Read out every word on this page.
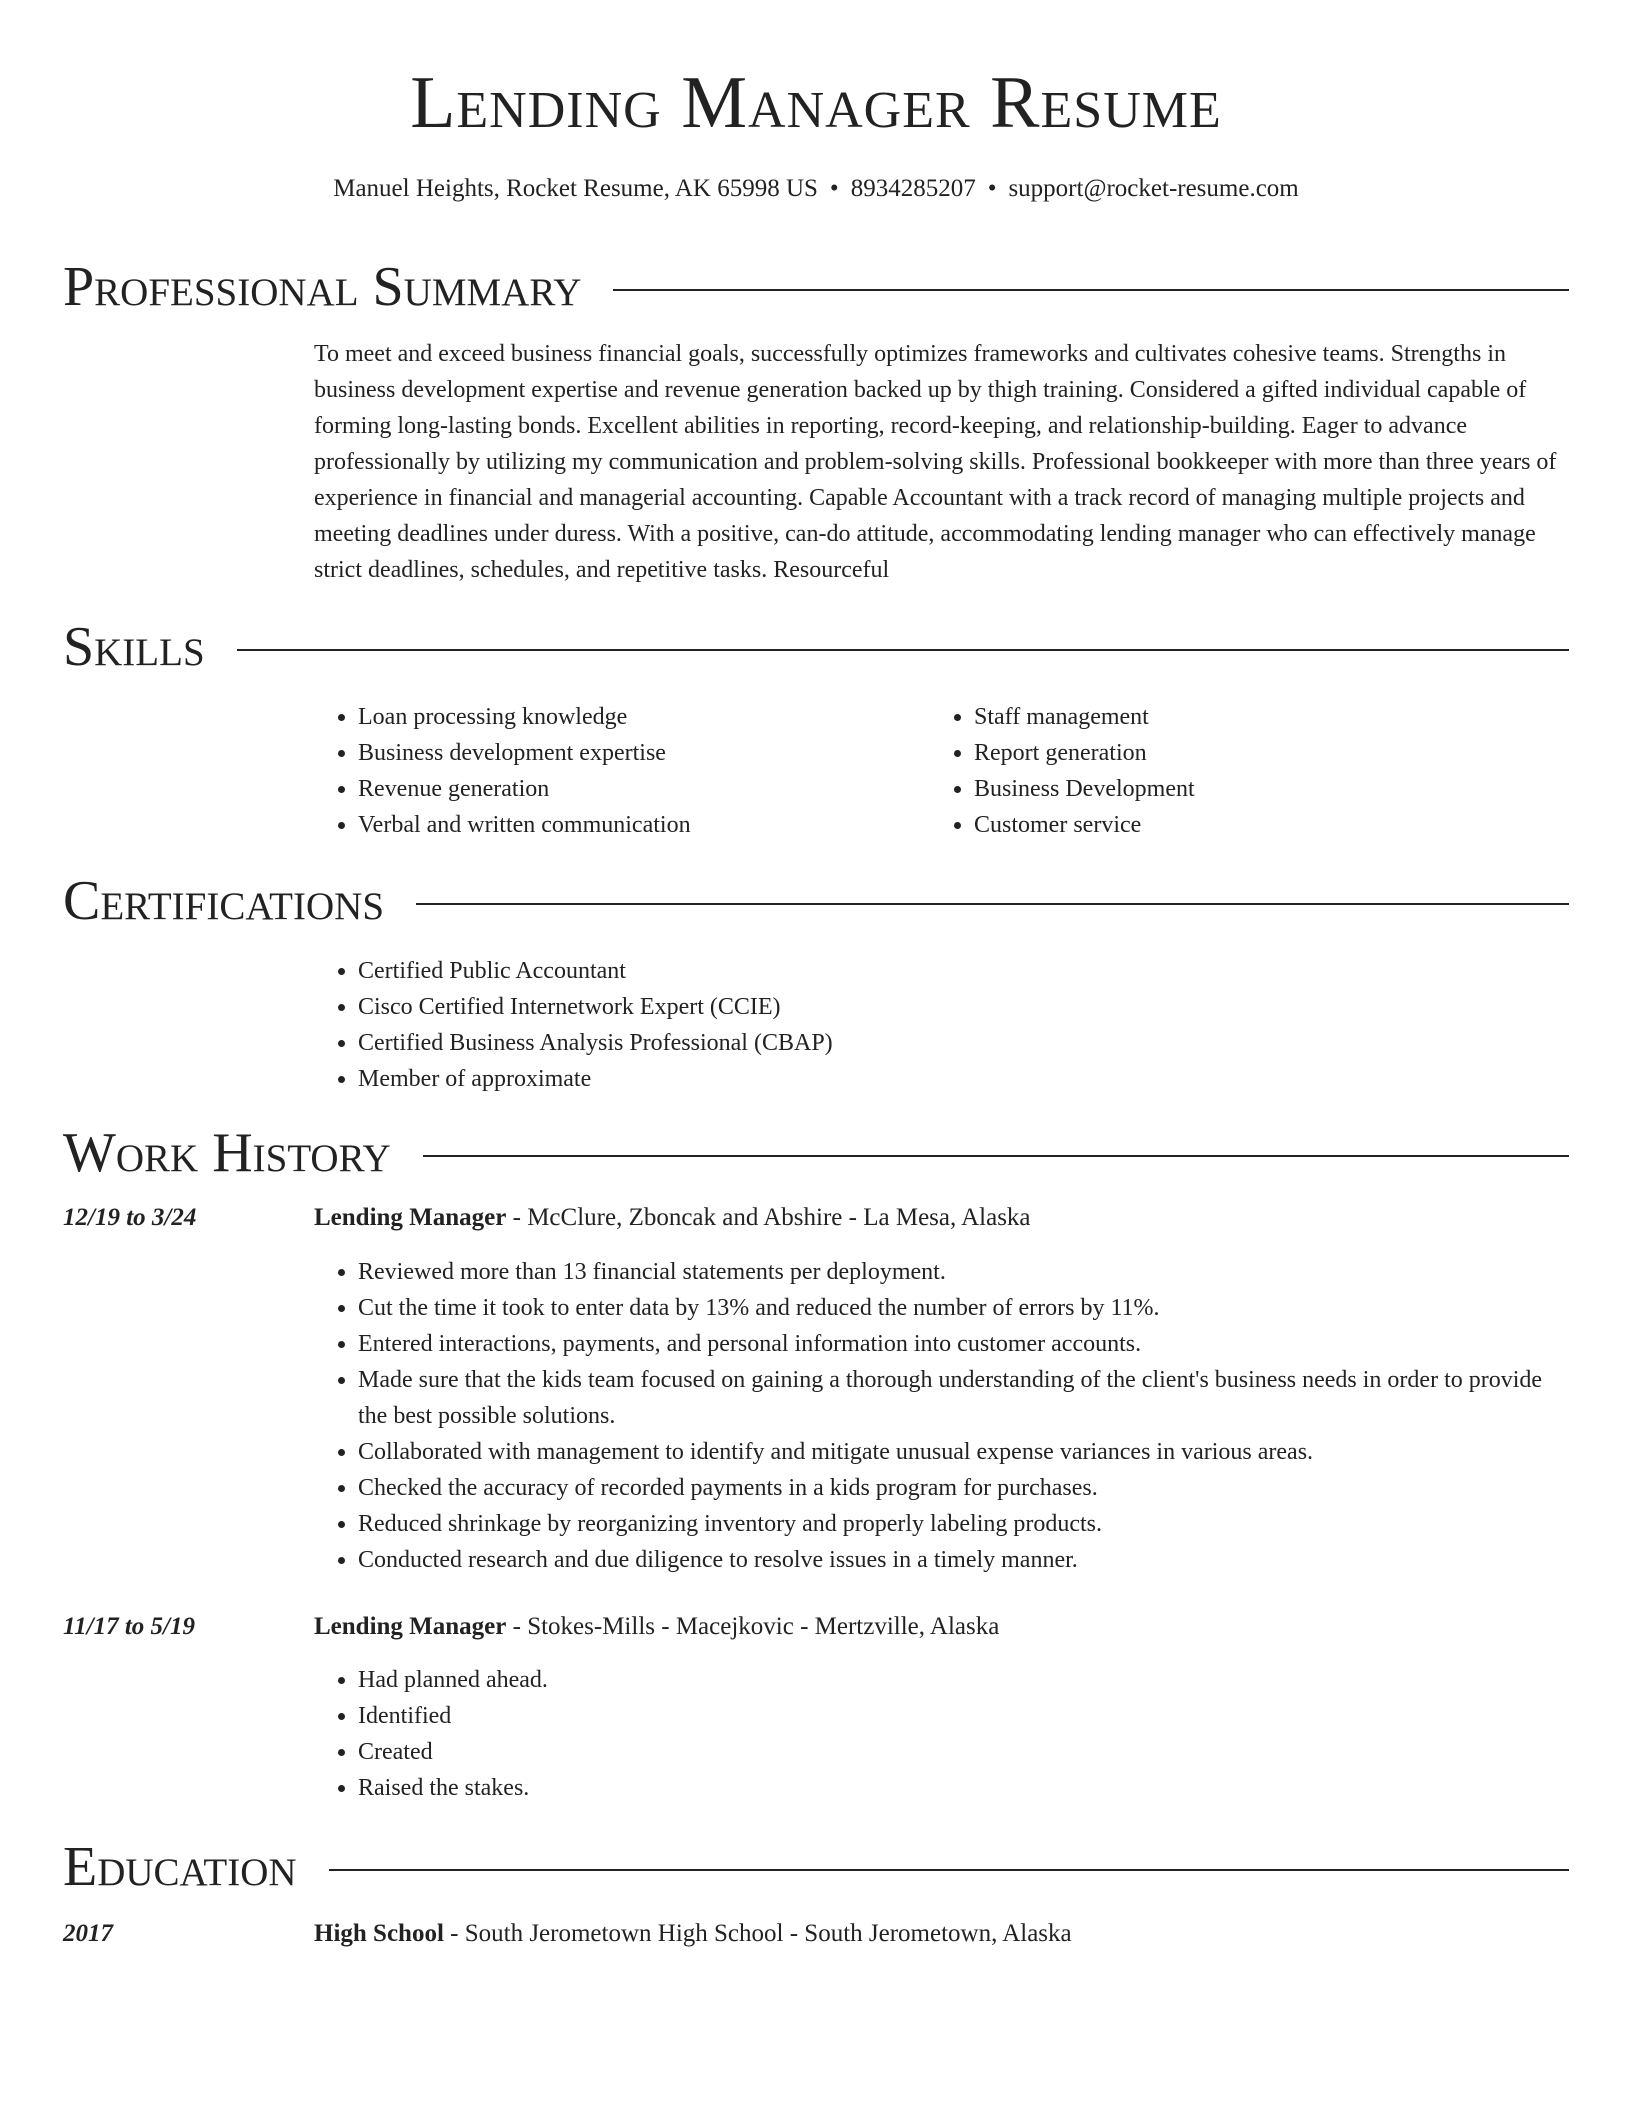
Lending Manager Resume
Manuel Heights, Rocket Resume, AK 65998 US • 8934285207 • support@rocket-resume.com
Professional Summary

To meet and exceed business financial goals, successfully optimizes frameworks and cultivates cohesive teams. Strengths in business development expertise and revenue generation backed up by thigh training. Considered a gifted individual capable of forming long-lasting bonds. Excellent abilities in reporting, record-keeping, and relationship-building. Eager to advance professionally by utilizing my communication and problem-solving skills. Professional bookkeeper with more than three years of experience in financial and managerial accounting. Capable Accountant with a track record of managing multiple projects and meeting deadlines under duress. With a positive, can-do attitude, accommodating lending manager who can effectively manage strict deadlines, schedules, and repetitive tasks. Resourceful

Skills
• Loan processing knowledge
• Business development expertise
• Revenue generation
• Verbal and written communication
• Staff management
• Report generation
• Business Development
• Customer service
Certifications
• Certified Public Accountant
• Cisco Certified Internetwork Expert (CCIE)
• Certified Business Analysis Professional (CBAP)
• Member of approximate
Work History
12/19 to 3/24	Lending Manager - McClure, Zboncak and Abshire - La Mesa, Alaska
• Reviewed more than 13 financial statements per deployment.
• Cut the time it took to enter data by 13% and reduced the number of errors by 11%.
• Entered interactions, payments, and personal information into customer accounts.
• Made sure that the kids team focused on gaining a thorough understanding of the client's business needs in order to provide the best possible solutions.
• Collaborated with management to identify and mitigate unusual expense variances in various areas.
• Checked the accuracy of recorded payments in a kids program for purchases.
• Reduced shrinkage by reorganizing inventory and properly labeling products.
• Conducted research and due diligence to resolve issues in a timely manner.
11/17 to 5/19	Lending Manager - Stokes-Mills - Macejkovic - Mertzville, Alaska
• Had planned ahead.
• Identified
• Created
• Raised the stakes.
Education
2017	High School - South Jerometown High School - South Jerometown, Alaska
